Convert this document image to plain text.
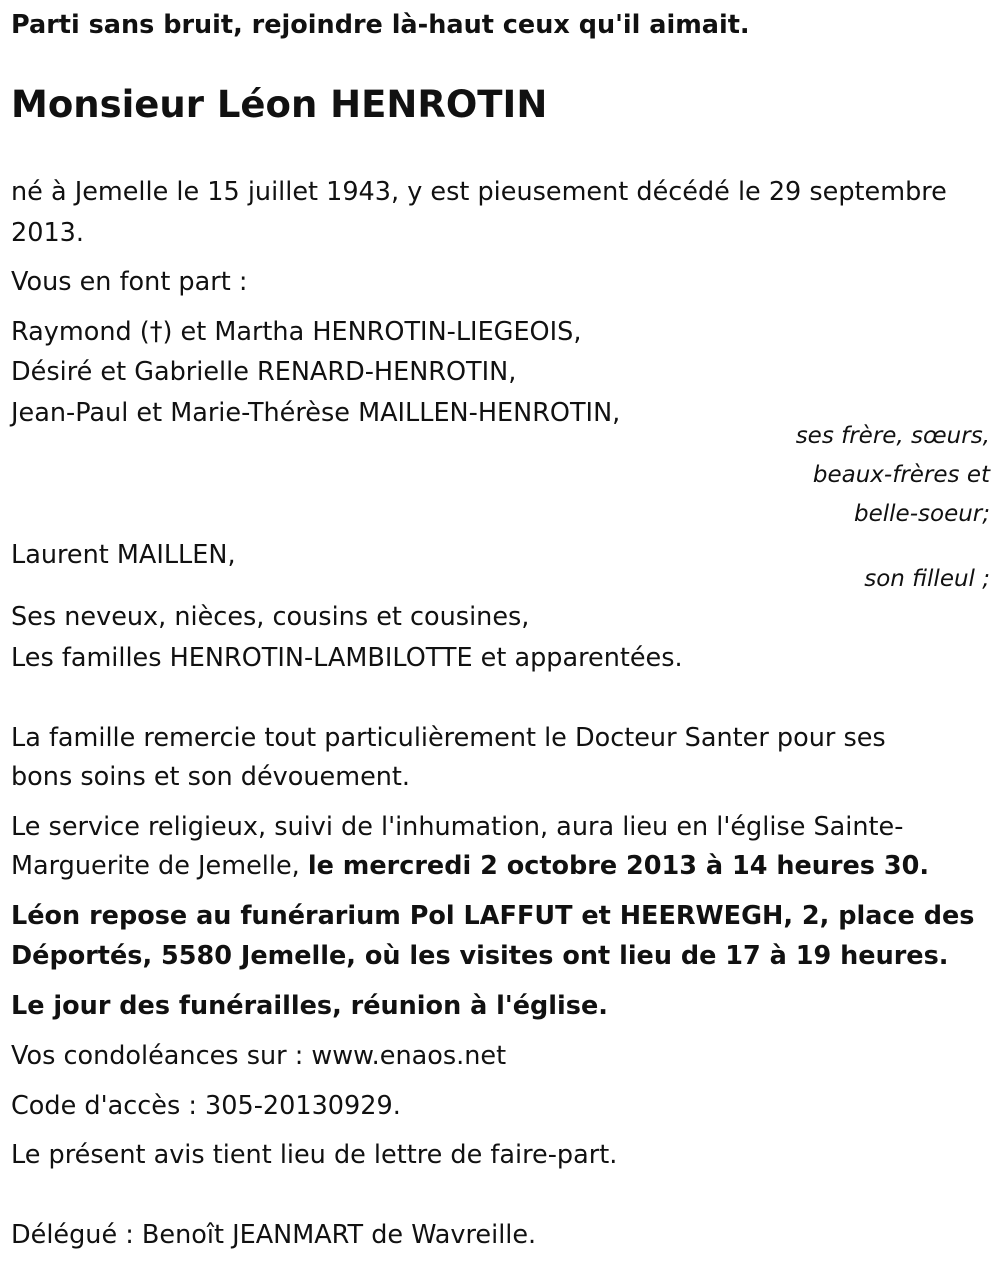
Parti sans bruit, rejoindre là-haut ceux qu'il aimait.

Monsieur Léon HENROTIN

né à Jemelle le 15 juillet 1943, y est pieusement décédé le 29 septembre

2013.

Vous en font part :

Raymond (†) et Martha HENROTIN-LIEGEOIS,

Désiré et Gabrielle RENARD-HENROTIN,

Jean-Paul et Marie-Thérèse MAILLEN-HENROTIN,

ses frère, sœurs,

beaux-frères et

belle-soeur;

Laurent MAILLEN,

son filleul ;

Ses neveux, nièces, cousins et cousines,

Les familles HENROTIN-LAMBILOTTE et apparentées.

La famille remercie tout particulièrement le Docteur Santer pour ses

bons soins et son dévouement.

Le service religieux, suivi de l'inhumation, aura lieu en l'église Sainte-

Marguerite de Jemelle, le mercredi 2 octobre 2013 à 14 heures 30.

Léon repose au funérarium Pol LAFFUT et HEERWEGH, 2, place des

Déportés, 5580 Jemelle, où les visites ont lieu de 17 à 19 heures.

Le jour des funérailles, réunion à l'église.

Vos condoléances sur : www.enaos.net

Code d'accès : 305-20130929.

Le présent avis tient lieu de lettre de faire-part.

Délégué : Benoît JEANMART de Wavreille.
